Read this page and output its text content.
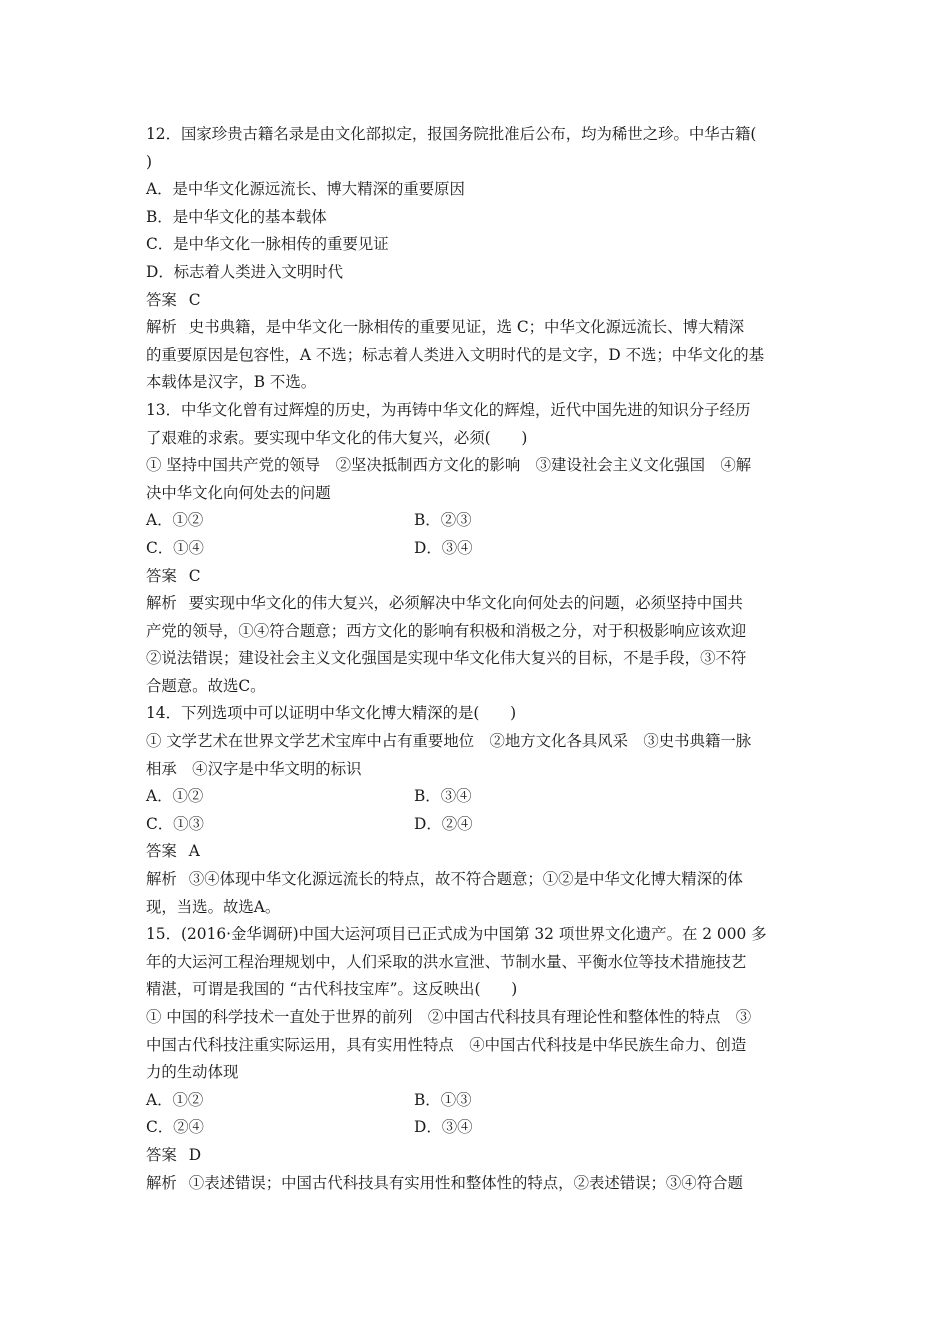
12．国家珍贵古籍名录是由文化部拟定，报国务院批准后公布，均为稀世之珍。中华古籍(
)
A．是中华文化源远流长、博大精深的重要原因
B．是中华文化的基本载体
C．是中华文化一脉相传的重要见证
D．标志着人类进入文明时代
答案 C
解析 史书典籍，是中华文化一脉相传的重要见证，选 C；中华文化源远流长、博大精深
的重要原因是包容性，A 不选；标志着人类进入文明时代的是文字，D 不选；中华文化的基
本载体是汉字，B 不选。
13．中华文化曾有过辉煌的历史，为再铸中华文化的辉煌，近代中国先进的知识分子经历
了艰难的求索。要实现中华文化的伟大复兴，必须(　　)
① 坚持中国共产党的领导　②坚决抵制西方文化的影响　③建设社会主义文化强国　④解
决中华文化向何处去的问题
A．①②	B．②③
C．①④	D．③④
答案 C
解析 要实现中华文化的伟大复兴，必须解决中华文化向何处去的问题，必须坚持中国共
产党的领导，①④符合题意；西方文化的影响有积极和消极之分，对于积极影响应该欢迎
②说法错误；建设社会主义文化强国是实现中华文化伟大复兴的目标，不是手段，③不符
合题意。故选C。
14．下列选项中可以证明中华文化博大精深的是(　　)
① 文学艺术在世界文学艺术宝库中占有重要地位　②地方文化各具风采　③史书典籍一脉
相承　④汉字是中华文明的标识
A．①②	B．③④
C．①③	D．②④
答案 A
解析 ③④体现中华文化源远流长的特点，故不符合题意；①②是中华文化博大精深的体
现，当选。故选A。
15．(2016·金华调研)中国大运河项目已正式成为中国第 32 项世界文化遗产。在 2 000 多
年的大运河工程治理规划中，人们采取的洪水宣泄、节制水量、平衡水位等技术措施技艺
精湛，可谓是我国的 “古代科技宝库”。这反映出(　　)
① 中国的科学技术一直处于世界的前列　②中国古代科技具有理论性和整体性的特点　③
中国古代科技注重实际运用，具有实用性特点　④中国古代科技是中华民族生命力、创造
力的生动体现
A．①②	B．①③
C．②④	D．③④
答案 D
解析 ①表述错误；中国古代科技具有实用性和整体性的特点，②表述错误；③④符合题
